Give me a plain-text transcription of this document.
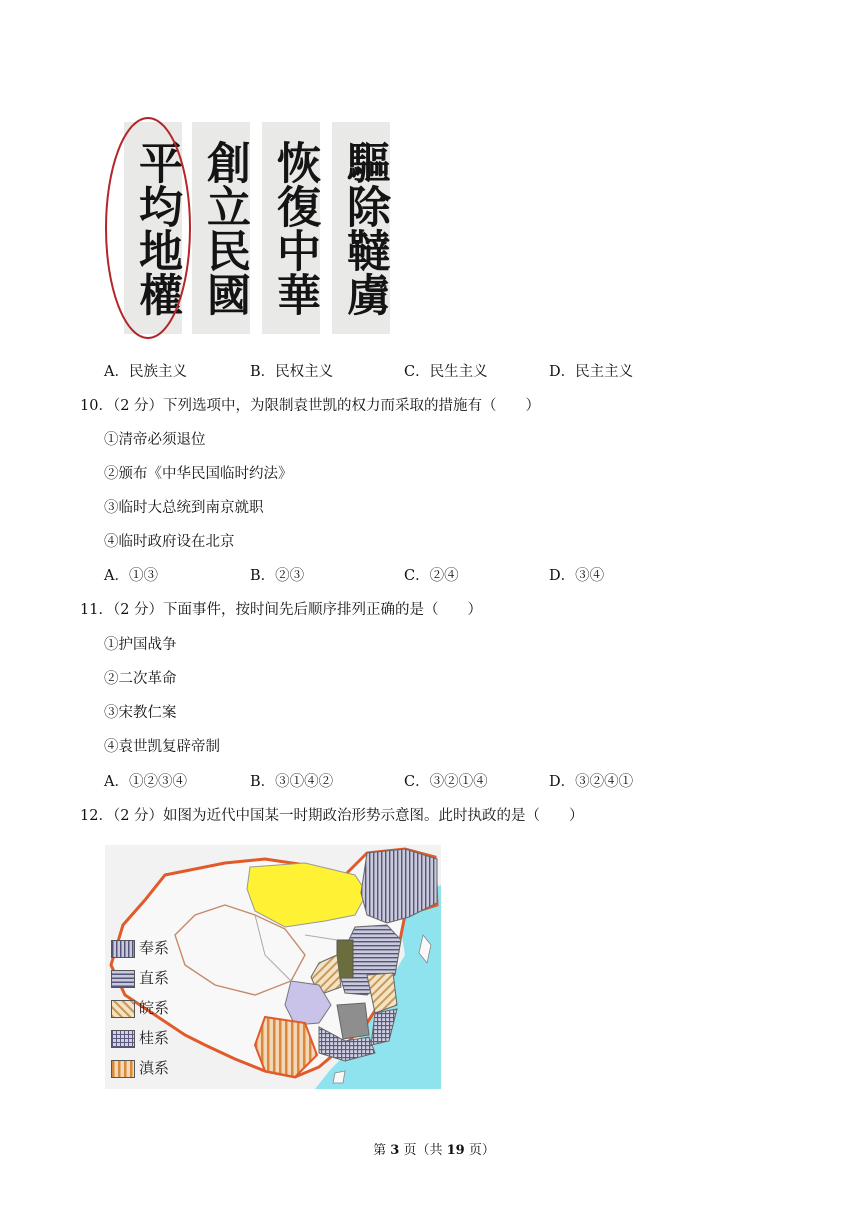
平均地權 創立民國 恢復中華 驅除韃虜
A．民族主义	B．民权主义	C．民生主义	D．民主主义
10．（2 分）下列选项中，为限制袁世凯的权力而采取的措施有（　　）
①清帝必须退位
②颁布《中华民国临时约法》
③临时大总统到南京就职
④临时政府设在北京
A．①③	B．②③	C．②④	D．③④
11．（2 分）下面事件，按时间先后顺序排列正确的是（　　）
①护国战争
②二次革命
③宋教仁案
④袁世凯复辟帝制
A．①②③④	B．③①④②	C．③②①④	D．③②④①
12．（2 分）如图为近代中国某一时期政治形势示意图。此时执政的是（　　）
奉系
直系
皖系
桂系
滇系
第 3 页（共 19 页）
